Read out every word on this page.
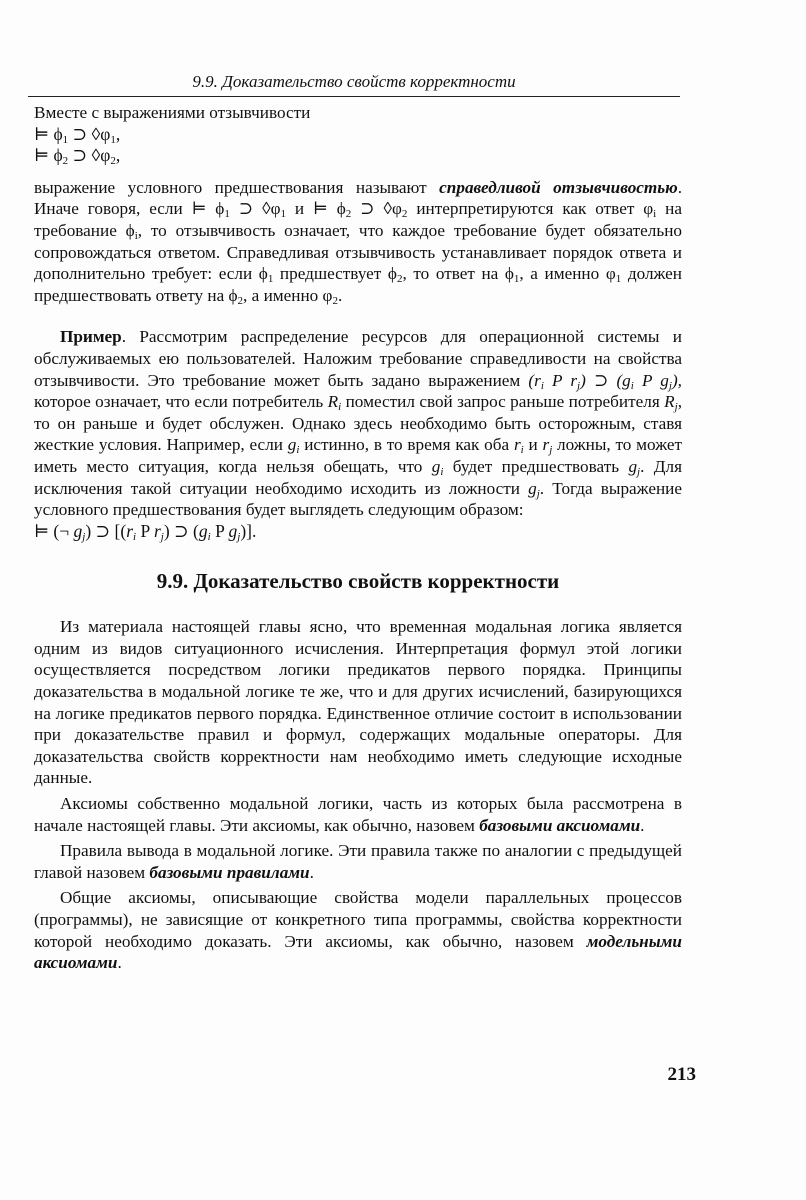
9.9. Доказательство свойств корректности

Вместе с выражениями отзывчивости

⊨ $\phi_1$ ⊃ $◊\varphi_1$,

⊨ $\phi_2$ ⊃ $◊\varphi_2$,

выражение условного предшествования называют справедливой отзывчивостью. Иначе говоря, если ⊨ $\phi_1$ ⊃ $◊\varphi_1$ и ⊨ $\phi_2$ ⊃ $◊\varphi_2$ интерпретируются как ответ $\varphi_i$ на требование $\phi_i$, то отзывчивость означает, что каждое требование будет обязательно сопровождаться ответом. Справедливая отзывчивость устанавливает порядок ответа и дополнительно требует: если $\phi_1$ предшествует $\phi_2$, то ответ на $\phi_1$, а именно $\varphi_1$ должен предшествовать ответу на $\phi_2$, а именно $\varphi_2$.

Пример. Рассмотрим распределение ресурсов для операционной системы и обслуживаемых ею пользователей. Наложим требование справедливости на свойства отзывчивости. Это требование может быть задано выражением ($r_i$ P $r_j$) ⊃ ($g_i$ P $g_j$), которое означает, что если потребитель $R_i$ поместил свой запрос раньше потребителя $R_j$, то он раньше и будет обслужен. Однако здесь необходимо быть осторожным, ставя жесткие условия. Например, если $g_i$ истинно, в то время как оба $r_i$ и $r_j$ ложны, то может иметь место ситуация, когда нельзя обещать, что $g_i$ будет предшествовать $g_j$. Для исключения такой ситуации необходимо исходить из ложности $g_j$. Тогда выражение условного предшествования будет выглядеть следующим образом:

⊨ (¬ $g_j$) ⊃ [($r_i$ P $r_j$) ⊃ ($g_i$ P $g_j$)].

9.9. Доказательство свойств корректности

Из материала настоящей главы ясно, что временная модальная логика является одним из видов ситуационного исчисления. Интерпретация формул этой логики осуществляется посредством логики предикатов первого порядка. Принципы доказательства в модальной логике те же, что и для других исчислений, базирующихся на логике предикатов первого порядка. Единственное отличие состоит в использовании при доказательстве правил и формул, содержащих модальные операторы. Для доказательства свойств корректности нам необходимо иметь следующие исходные данные.

Аксиомы собственно модальной логики, часть из которых была рассмотрена в начале настоящей главы. Эти аксиомы, как обычно, назовем базовыми аксиомами.

Правила вывода в модальной логике. Эти правила также по аналогии с предыдущей главой назовем базовыми правилами.

Общие аксиомы, описывающие свойства модели параллельных процессов (программы), не зависящие от конкретного типа программы, свойства корректности которой необходимо доказать. Эти аксиомы, как обычно, назовем модельными аксиомами.

213
